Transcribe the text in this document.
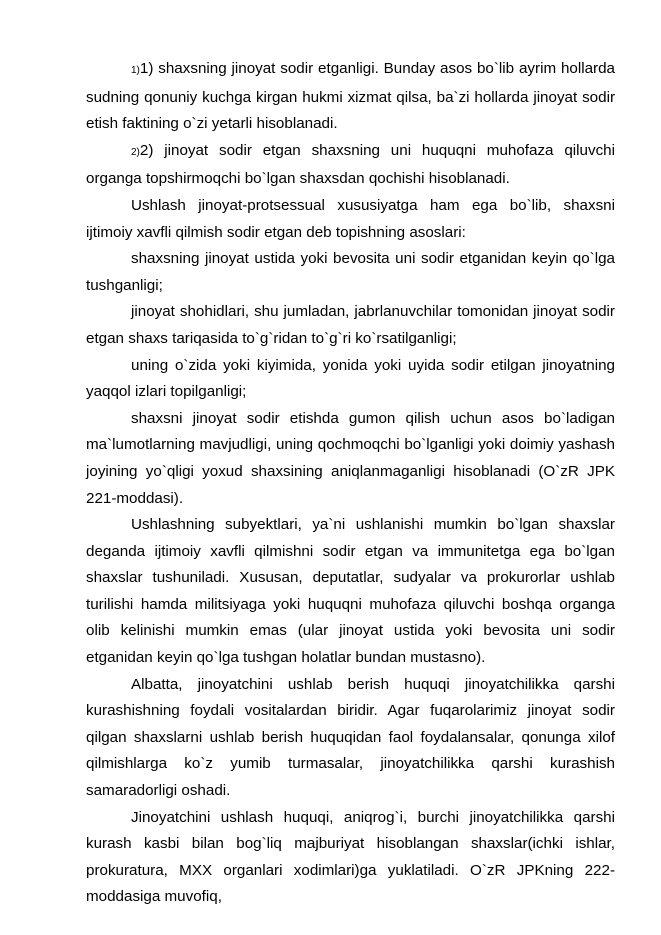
1)1) shaxsning jinoyat sodir etganligi. Bunday asos bo`lib ayrim hollarda sudning qonuniy kuchga kirgan hukmi xizmat qilsa, ba`zi hollarda jinoyat sodir etish faktining o`zi yetarli hisoblanadi.

2)2) jinoyat sodir etgan shaxsning uni huquqni muhofaza qiluvchi organga topshirmoqchi bo`lgan shaxsdan qochishi hisoblanadi.

Ushlash jinoyat-protsessual xususiyatga ham ega bo`lib, shaxsni ijtimoiy xavfli qilmish sodir etgan deb topishning asoslari:

shaxsning jinoyat ustida yoki bevosita uni sodir etganidan keyin qo`lga tushganligi;

jinoyat shohidlari, shu jumladan, jabrlanuvchilar tomonidan jinoyat sodir etgan shaxs tariqasida to`g`ridan to`g`ri ko`rsatilganligi;

uning o`zida yoki kiyimida, yonida yoki uyida sodir etilgan jinoyatning yaqqol izlari topilganligi;

shaxsni jinoyat sodir etishda gumon qilish uchun asos bo`ladigan ma`lumotlarning mavjudligi, uning qochmoqchi bo`lganligi yoki doimiy yashash joyining yo`qligi yoxud shaxsining aniqlanmaganligi hisoblanadi (O`zR JPK 221-moddasi).

Ushlashning subyektlari, ya`ni ushlanishi mumkin bo`lgan shaxslar deganda ijtimoiy xavfli qilmishni sodir etgan va immunitetga ega bo`lgan shaxslar tushuniladi. Xususan, deputatlar, sudyalar va prokurorlar ushlab turilishi hamda militsiyaga yoki huquqni muhofaza qiluvchi boshqa organga olib kelinishi mumkin emas (ular jinoyat ustida yoki bevosita uni sodir etganidan keyin qo`lga tushgan holatlar bundan mustasno).

Albatta, jinoyatchini ushlab berish huquqi jinoyatchilikka qarshi kurashishning foydali vositalardan biridir. Agar fuqarolarimiz jinoyat sodir qilgan shaxslarni ushlab berish huquqidan faol foydalansalar, qonunga xilof qilmishlarga ko`z yumib turmasalar, jinoyatchilikka qarshi kurashish samaradorligi oshadi.

Jinoyatchini ushlash huquqi, aniqrog`i, burchi jinoyatchilikka qarshi kurash kasbi bilan bog`liq majburiyat hisoblangan shaxslar(ichki ishlar, prokuratura, MXX organlari xodimlari)ga yuklatiladi. O`zR JPKning 222-moddasiga muvofiq,
